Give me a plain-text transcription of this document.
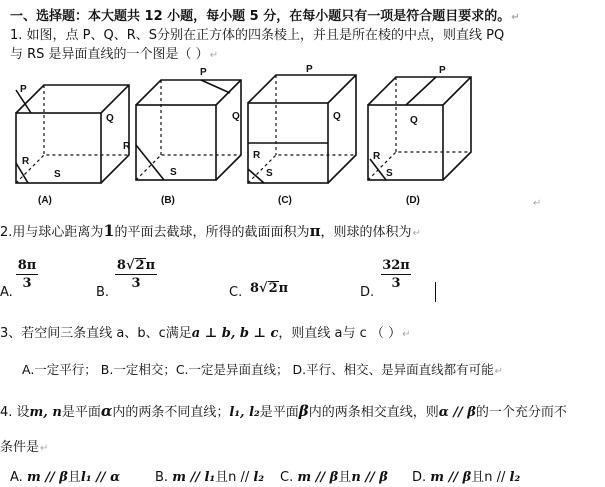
一、选择题：本大题共 12 小题，每小题 5 分，在每小题只有一项是符合题目要求的。↵
1. 如图，点 P、Q、R、S分别在正方体的四条棱上，并且是所在棱的中点，则直线 PQ
与 RS 是异面直线的一个图是（ ）↵
P
Q
R
S
(A)
P
Q
R
S
(B)
P
Q
R
S
(C)
P
Q
R
S
(D)	↵
2.用与球心距离为1的平面去截球，所得的截面面积为π，则球的体积为↵
A.
8π
3
B.
8√2π
3
C. 8√2π	D.
32π
3
3、若空间三条直线 a、b、c满足a ⊥ b, b ⊥ c，则直线 a与 c （ ）↵
A.一定平行； B.一定相交；C.一定是异面直线； D.平行、相交、是异面直线都有可能↵
4. 设m, n是平面α内的两条不同直线；l₁, l₂是平面β内的两条相交直线，则α // β的一个充分而不
条件是↵
A. m // β且l₁ // α	B. m // l₁且n // l₂ C. m // β且n // β D. m // β且n // l₂
